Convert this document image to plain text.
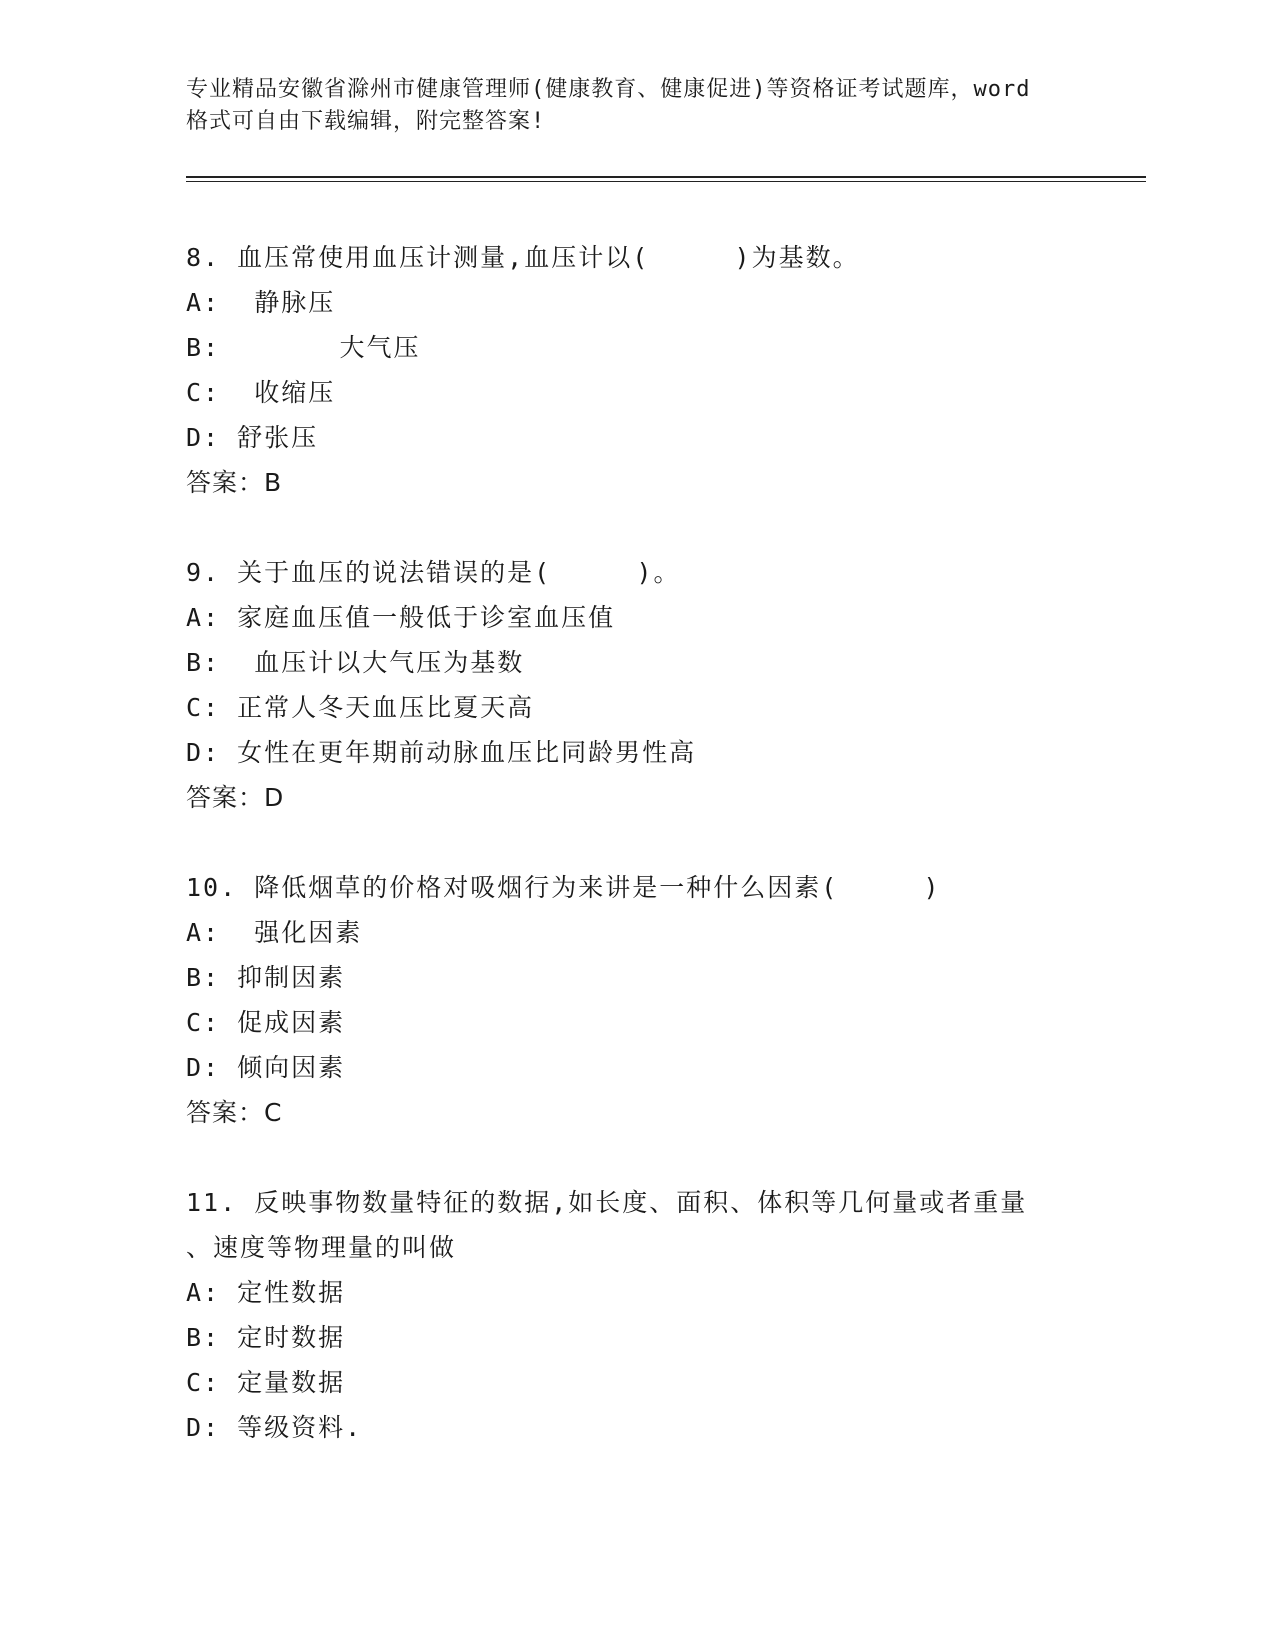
专业精品安徽省滁州市健康管理师(健康教育、健康促进)等资格证考试题库，word
格式可自由下载编辑，附完整答案!
8. 血压常使用血压计测量,血压计以(     )为基数。
A:  静脉压
B:       大气压
C:  收缩压
D: 舒张压
答案：B
9. 关于血压的说法错误的是(     )。
A: 家庭血压值一般低于诊室血压值
B:  血压计以大气压为基数
C: 正常人冬天血压比夏天高
D: 女性在更年期前动脉血压比同龄男性高
答案：D
10. 降低烟草的价格对吸烟行为来讲是一种什么因素(     )
A:  强化因素
B: 抑制因素
C: 促成因素
D: 倾向因素
答案：C
11. 反映事物数量特征的数据,如长度、面积、体积等几何量或者重量
、速度等物理量的叫做
A: 定性数据
B: 定时数据
C: 定量数据
D: 等级资料.
